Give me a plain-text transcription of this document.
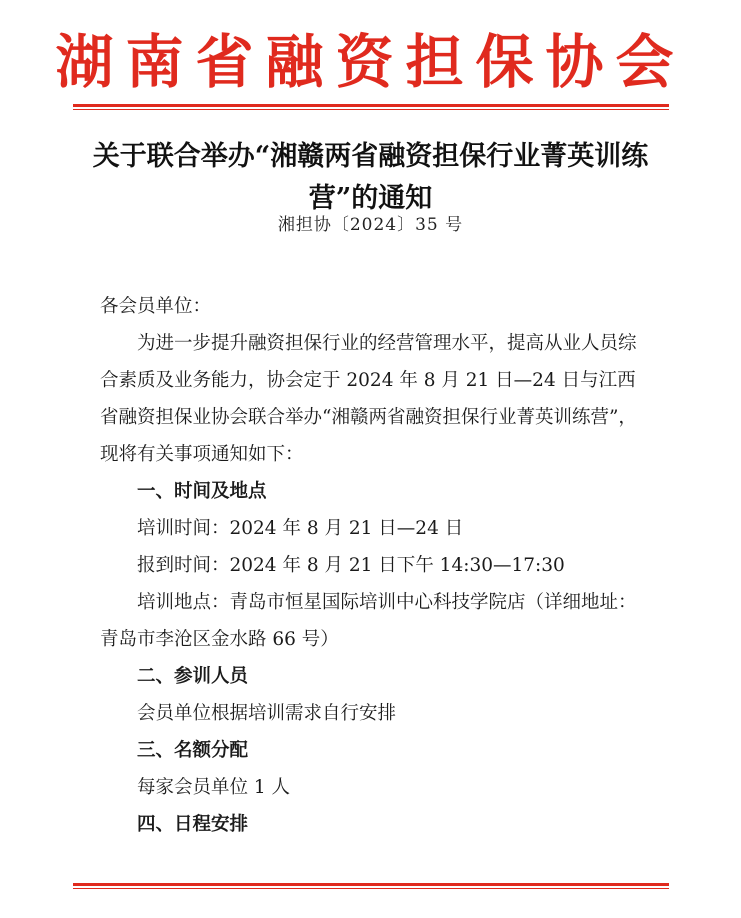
湖南省融资担保协会
关于联合举办“湘赣两省融资担保行业菁英训练营”的通知
湘担协〔2024〕35 号

各会员单位：

为进一步提升融资担保行业的经营管理水平，提高从业人员综合素质及业务能力，协会定于 2024 年 8 月 21 日—24 日与江西省融资担保业协会联合举办“湘赣两省融资担保行业菁英训练营”，现将有关事项通知如下：

一、时间及地点

培训时间：2024 年 8 月 21 日—24 日

报到时间：2024 年 8 月 21 日下午 14:30—17:30

培训地点：青岛市恒星国际培训中心科技学院店（详细地址：青岛市李沧区金水路 66 号）

二、参训人员

会员单位根据培训需求自行安排

三、名额分配

每家会员单位 1 人

四、日程安排
